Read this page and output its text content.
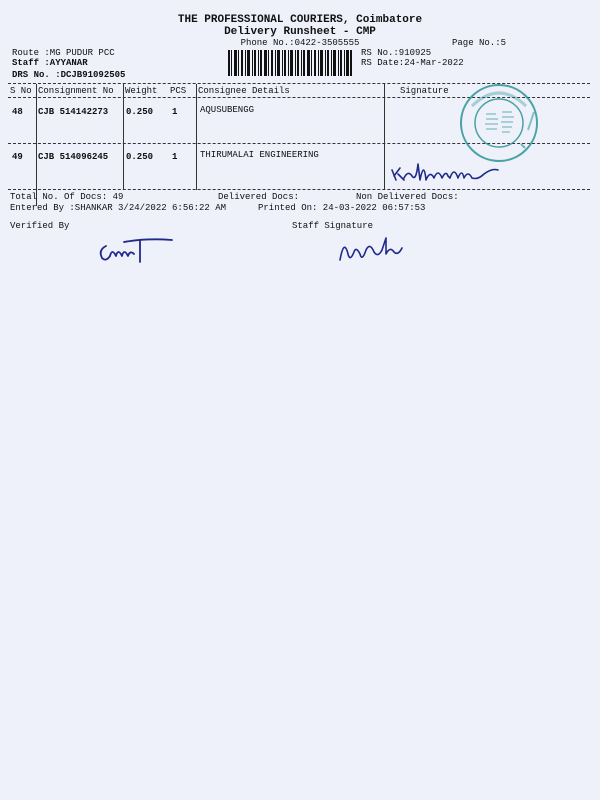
THE PROFESSIONAL COURIERS, Coimbatore
Delivery Runsheet - CMP
Phone No.:0422-3505555	Page No.:5
Route :MG PUDUR PCC
Staff :AYYANAR
DRS No. :DCJB91092505
RS No.:910925
RS Date:24-Mar-2022
S No Consignment No Weight PCS Consignee Details	Signature
48 CJB 514142273 0.250 1	AQUSUBENGG
49 CJB 514096245 0.250 1	THIRUMALAI ENGINEERING
Total No. Of Docs: 49	Delivered Docs:	Non Delivered Docs:
Entered By :SHANKAR 3/24/2022 6:56:22 AM	Printed On: 24-03-2022 06:57:53
Verified By	Staff Signature
